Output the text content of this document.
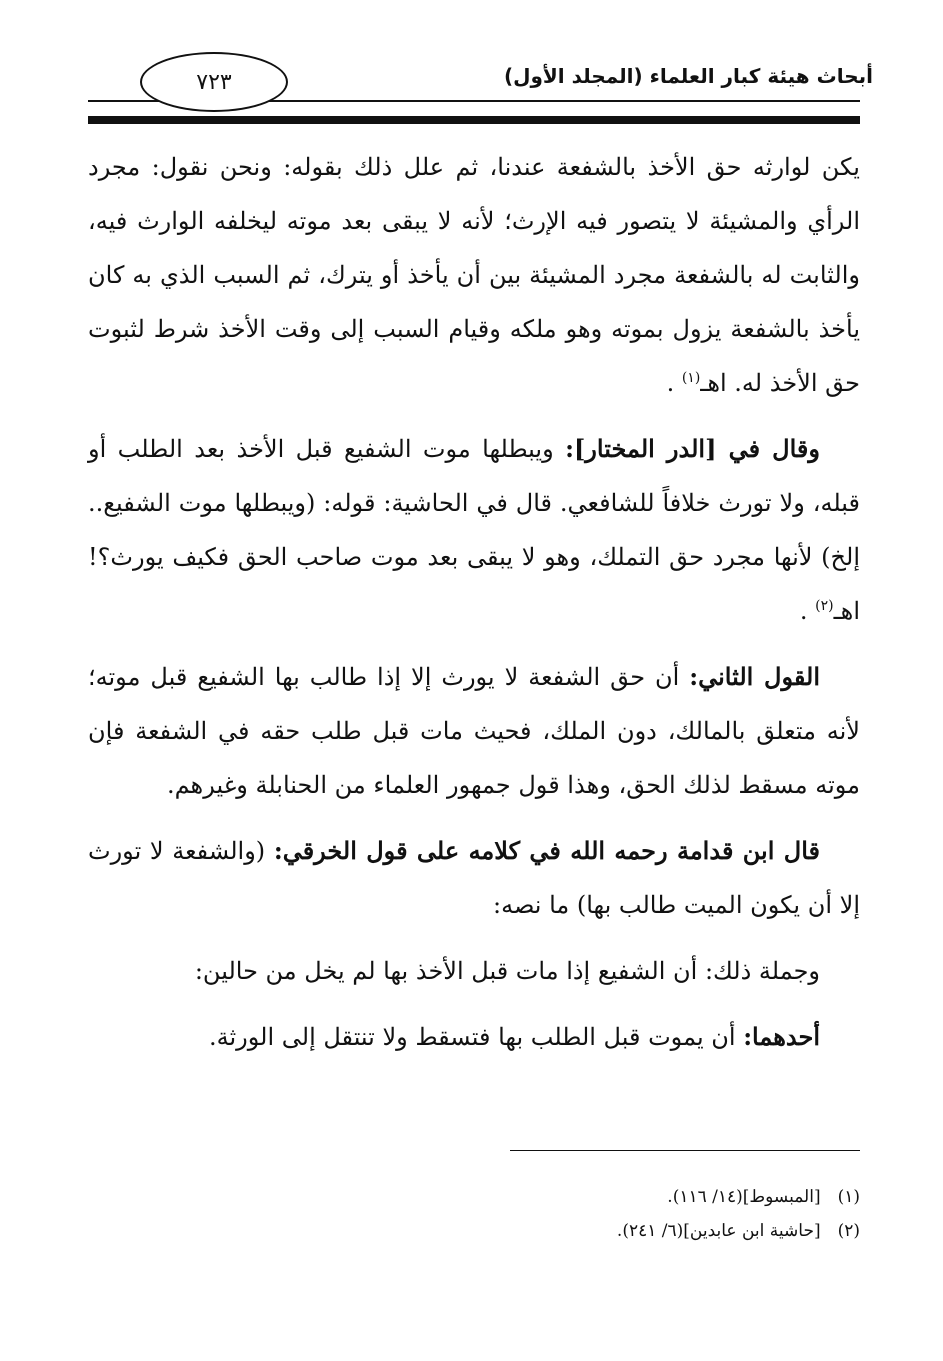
أبحاث هيئة كبار العلماء (المجلد الأول)
٧٢٣

يكن لوارثه حق الأخذ بالشفعة عندنا، ثم علل ذلك بقوله: ونحن نقول: مجرد الرأي والمشيئة لا يتصور فيه الإرث؛ لأنه لا يبقى بعد موته ليخلفه الوارث فيه، والثابت له بالشفعة مجرد المشيئة بين أن يأخذ أو يترك، ثم السبب الذي به كان يأخذ بالشفعة يزول بموته وهو ملكه وقيام السبب إلى وقت الأخذ شرط لثبوت حق الأخذ له. اهـ$^{(١)}$ .

وقال في [الدر المختار]: ويبطلها موت الشفيع قبل الأخذ بعد الطلب أو قبله، ولا تورث خلافاً للشافعي. قال في الحاشية: قوله: (ويبطلها موت الشفيع.. إلخ) لأنها مجرد حق التملك، وهو لا يبقى بعد موت صاحب الحق فكيف يورث؟! اهـ$^{(٢)}$ .

القول الثاني: أن حق الشفعة لا يورث إلا إذا طالب بها الشفيع قبل موته؛ لأنه متعلق بالمالك، دون الملك، فحيث مات قبل طلب حقه في الشفعة فإن موته مسقط لذلك الحق، وهذا قول جمهور العلماء من الحنابلة وغيرهم.

قال ابن قدامة رحمه الله في كلامه على قول الخرقي: (والشفعة لا تورث إلا أن يكون الميت طالب بها) ما نصه:

وجملة ذلك: أن الشفيع إذا مات قبل الأخذ بها لم يخل من حالين:

أحدهما: أن يموت قبل الطلب بها فتسقط ولا تنتقل إلى الورثة.

(١) [المبسوط](١٤/ ١١٦).
(٢) [حاشية ابن عابدين](٦/ ٢٤١).
